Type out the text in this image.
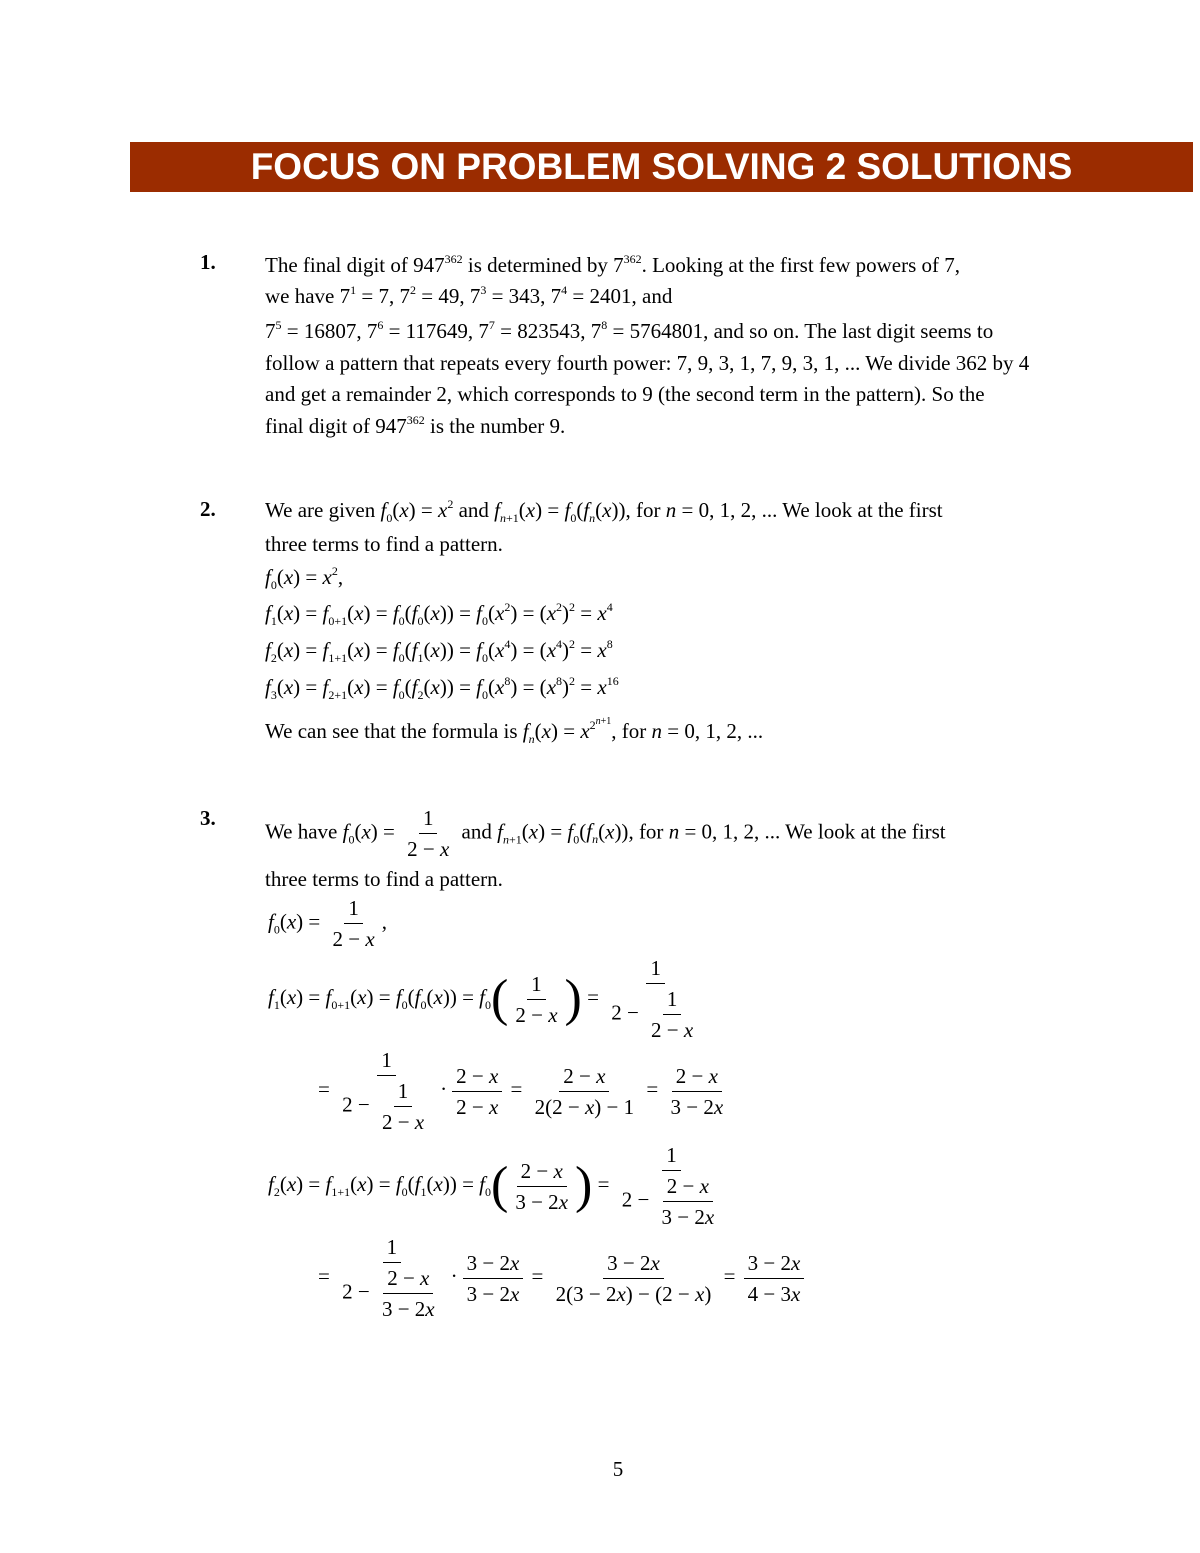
FOCUS ON PROBLEM SOLVING 2 SOLUTIONS
1. The final digit of $947^{362}$ is determined by $7^{362}$. Looking at the first few powers of 7,
we have $7^1 = 7$, $7^2 = 49$, $7^3 = 343$, $7^4 = 2401$, and
$7^5 = 16807$, $7^6 = 117649$, $7^7 = 823543$, $7^8 = 5764801$, and so on. The last digit seems to
follow a pattern that repeats every fourth power: 7, 9, 3, 1, 7, 9, 3, 1, ... We divide 362 by 4
and get a remainder 2, which corresponds to 9 (the second term in the pattern). So the
final digit of $947^{362}$ is the number 9.
2. We are given $f_0(x) = x^2$ and $f_{n+1}(x) = f_0(f_n(x))$, for n = 0, 1, 2, ... We look at the first
three terms to find a pattern.
$f_0(x) = x^2$,
$f_1(x) = f_{0+1}(x) = f_0(f_0(x)) = f_0(x^2) = (x^2)^2 = x^4$
$f_2(x) = f_{1+1}(x) = f_0(f_1(x)) = f_0(x^4) = (x^4)^2 = x^8$
$f_3(x) = f_{2+1}(x) = f_0(f_2(x)) = f_0(x^8) = (x^8)^2 = x^{16}$
We can see that the formula is $f_n(x) = x^{2^{n+1}}$, for n = 0, 1, 2, ...
3.
We have $f_0(x) = \frac{1}{2 - x}$ and $f_{n+1}(x) = f_0(f_n(x))$, for n = 0, 1, 2, ... We look at the first
three terms to find a pattern.
$f_0(x) = \frac{1}{2 - x}$ ,
$f_1(x) = f_{0+1}(x) = f_0(f_0(x)) = f_0( \frac{1}{2 - x}$ ) = $\frac{1}{2 - \frac{1}{2 - x}}$
= $\frac{1}{2 - \frac{1}{2 - x}} \cdot \frac{2 - x}{2 - x} = \frac{2 - x}{2(2 - x) - 1} = \frac{2 - x}{3 - 2x}$
$f_2(x) = f_{1+1}(x) = f_0(f_1(x)) = f_0( \frac{2 - x}{3 - 2x}$ ) = $\frac{1}{2 - \frac{2 - x}{3 - 2x}}$
= $\frac{1}{2 - \frac{2 - x}{3 - 2x}} \cdot \frac{3 - 2x}{3 - 2x} = \frac{3 - 2x}{2(3 - 2x) - (2 - x)} = \frac{3 - 2x}{4 - 3x}$
5
